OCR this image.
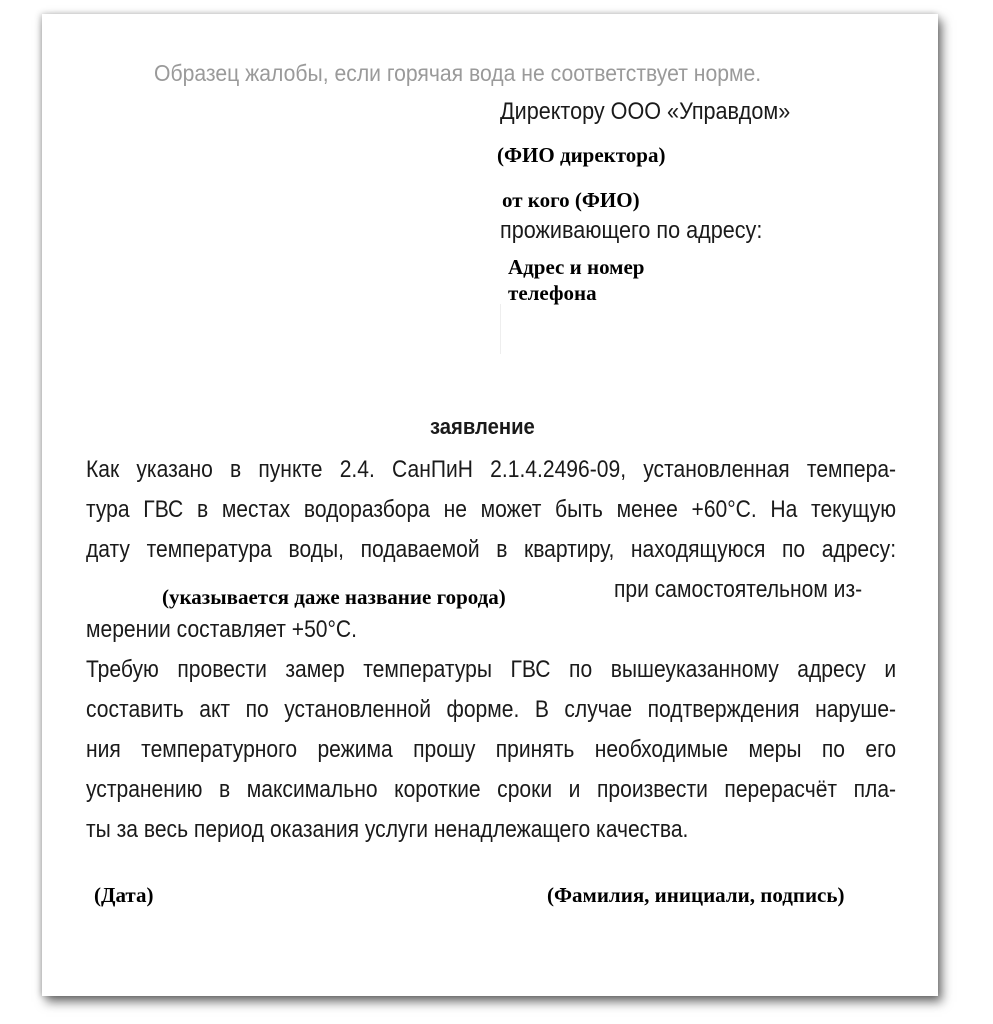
Образец жалобы, если горячая вода не соответствует норме.
Директору ООО «Управдом»
(ФИО директора)
от кого (ФИО)
проживающего по адресу:
Адрес и номер телефона
заявление
Как указано в пункте 2.4. СанПиН 2.1.4.2496-09, установленная темпера-
тура ГВС в местах водоразбора не может быть менее +60°С. На текущую
дату температура воды, подаваемой в квартиру, находящуюся по адресу:
(указывается даже название города)	при самостоятельном из-
мерении составляет +50°С.
Требую провести замер температуры ГВС по вышеуказанному адресу и
составить акт по установленной форме. В случае подтверждения наруше-
ния температурного режима прошу принять необходимые меры по его
устранению в максимально короткие сроки и произвести перерасчёт пла-
ты за весь период оказания услуги ненадлежащего качества.
(Дата)	(Фамилия, инициали, подпись)
